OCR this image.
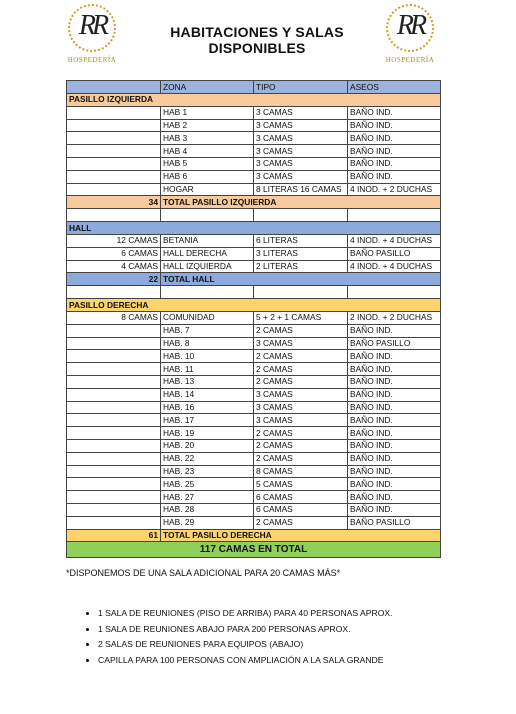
RR
HOSPEDERÍA
HABITACIONES Y SALAS DISPONIBLES
RR
HOSPEDERÍA
	ZONA	TIPO	ASEOS
PASILLO IZQUIERDA			
	HAB 1	3 CAMAS	BAÑO IND.
	HAB 2	3 CAMAS	BAÑO IND.
	HAB 3	3 CAMAS	BAÑO IND.
	HAB 4	3 CAMAS	BAÑO IND.
	HAB 5	3 CAMAS	BAÑO IND.
	HAB 6	3 CAMAS	BAÑO IND.
	HOGAR	8 LITERAS 16 CAMAS	4 INOD. + 2 DUCHAS
34	TOTAL PASILLO IZQUIERDA		

HALL			
12 CAMAS	BETANIA	6 LITERAS	4 INOD. + 4 DUCHAS
6 CAMAS	HALL DERECHA	3 LITERAS	BAÑO PASILLO
4 CAMAS	HALL IZQUIERDA	2 LITERAS	4 INOD. + 4 DUCHAS
22	TOTAL HALL		

PASILLO DERECHA			
8 CAMAS	COMUNIDAD	5 + 2 + 1 CAMAS	2 INOD. + 2 DUCHAS
	HAB. 7	2 CAMAS	BAÑO IND.
	HAB. 8	3 CAMAS	BAÑO PASILLO
	HAB. 10	2 CAMAS	BAÑO IND.
	HAB. 11	2 CAMAS	BAÑO IND.
	HAB. 13	2 CAMAS	BAÑO IND.
	HAB. 14	3 CAMAS	BAÑO IND.
	HAB. 16	3 CAMAS	BAÑO IND.
	HAB. 17	3 CAMAS	BAÑO IND.
	HAB. 19	2 CAMAS	BAÑO IND.
	HAB. 20	2 CAMAS	BAÑO IND.
	HAB. 22	2 CAMAS	BAÑO IND.
	HAB. 23	8 CAMAS	BAÑO IND.
	HAB. 25	5 CAMAS	BAÑO IND.
	HAB. 27	6 CAMAS	BAÑO IND.
	HAB. 28	6 CAMAS	BAÑO IND.
	HAB. 29	2 CAMAS	BAÑO PASILLO
61	TOTAL PASILLO DERECHA		
117 CAMAS EN TOTAL			
*DISPONEMOS DE UNA SALA ADICIONAL PARA 20 CAMAS MÁS*
• 1 SALA DE REUNIONES (PISO DE ARRIBA) PARA 40 PERSONAS APROX.
• 1 SALA DE REUNIONES ABAJO PARA 200 PERSONAS APROX.
• 2 SALAS DE REUNIONES PARA EQUIPOS (ABAJO)
• CAPILLA PARA 100 PERSONAS CON AMPLIACIÓN A LA SALA GRANDE
